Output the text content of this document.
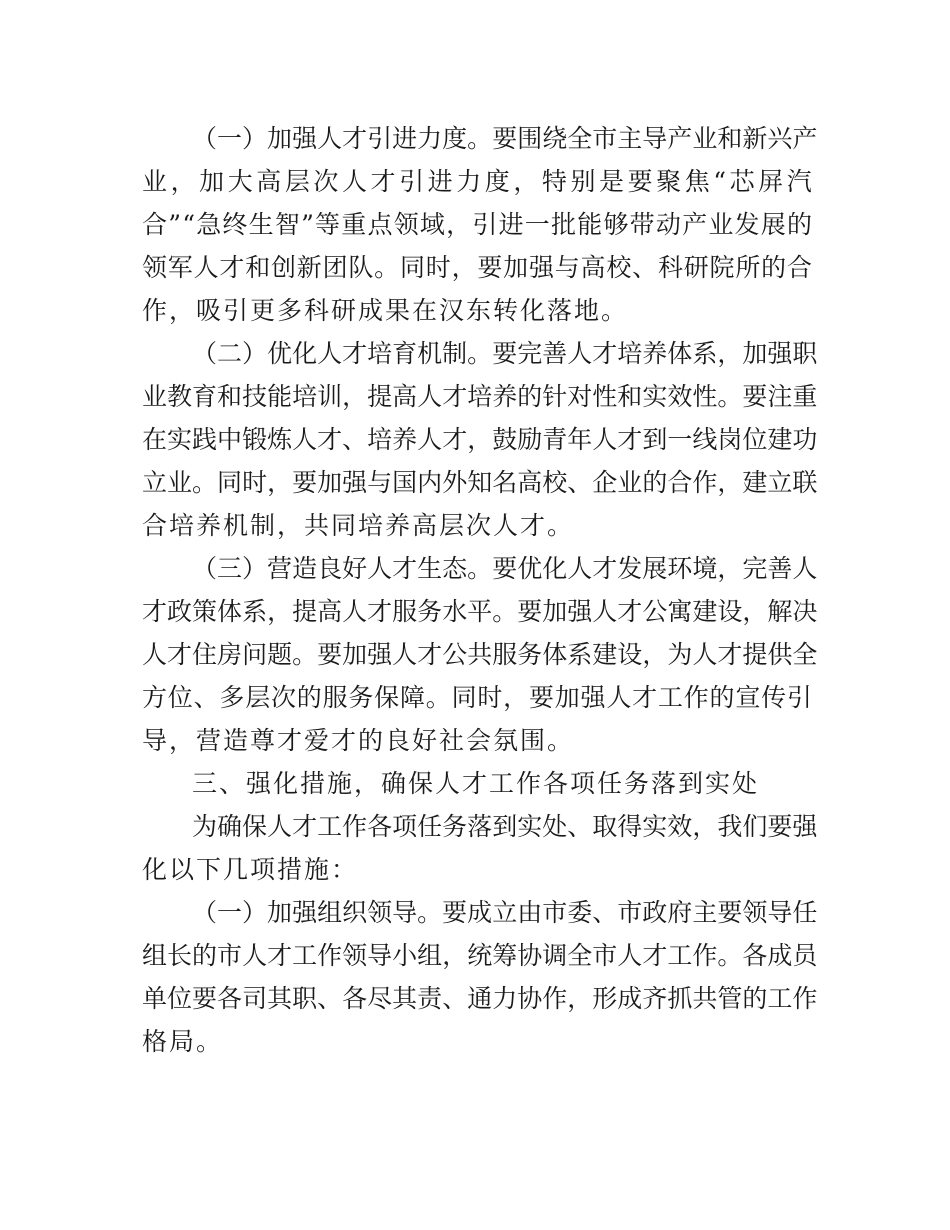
（ 一 ） 加 强 人 才 引 进 力 度 。 要 围 绕 全 市 主 导 产 业 和 新 兴 产
业 ， 加 大 高 层 次 人 才 引 进 力 度 ， 特 别 是 要 聚 焦 “ 芯 屏 汽
合 ” “ 急 终 生 智 ” 等 重 点 领 域 ， 引 进 一 批 能 够 带 动 产 业 发 展 的
领 军 人 才 和 创 新 团 队 。 同 时 ， 要 加 强 与 高 校 、 科 研 院 所 的 合
作，吸引更多科研成果在汉东转化落地。
（ 二 ） 优 化 人 才 培 育 机 制 。 要 完 善 人 才 培 养 体 系 ， 加 强 职
业 教 育 和 技 能 培 训 ， 提 高 人 才 培 养 的 针 对 性 和 实 效 性 。 要 注 重
在 实 践 中 锻 炼 人 才 、 培 养 人 才 ， 鼓 励 青 年 人 才 到 一 线 岗 位 建 功
立 业 。 同 时 ， 要 加 强 与 国 内 外 知 名 高 校 、 企 业 的 合 作 ， 建 立 联
合培养机制，共同培养高层次人才。
（ 三 ） 营 造 良 好 人 才 生 态 。 要 优 化 人 才 发 展 环 境 ， 完 善 人
才 政 策 体 系 ， 提 高 人 才 服 务 水 平 。 要 加 强 人 才 公 寓 建 设 ， 解 决
人 才 住 房 问 题 。 要 加 强 人 才 公 共 服 务 体 系 建 设 ， 为 人 才 提 供 全
方 位 、 多 层 次 的 服 务 保 障 。 同 时 ， 要 加 强 人 才 工 作 的 宣 传 引
导，营造尊才爱才的良好社会氛围。
三、强化措施，确保人才工作各项任务落到实处
为 确 保 人 才 工 作 各 项 任 务 落 到 实 处 、 取 得 实 效 ， 我 们 要 强
化以下几项措施：
（ 一 ） 加 强 组 织 领 导 。 要 成 立 由 市 委 、 市 政 府 主 要 领 导 任
组 长 的 市 人 才 工 作 领 导 小 组 ， 统 筹 协 调 全 市 人 才 工 作 。 各 成 员
单 位 要 各 司 其 职 、 各 尽 其 责 、 通 力 协 作 ， 形 成 齐 抓 共 管 的 工 作
格局。
